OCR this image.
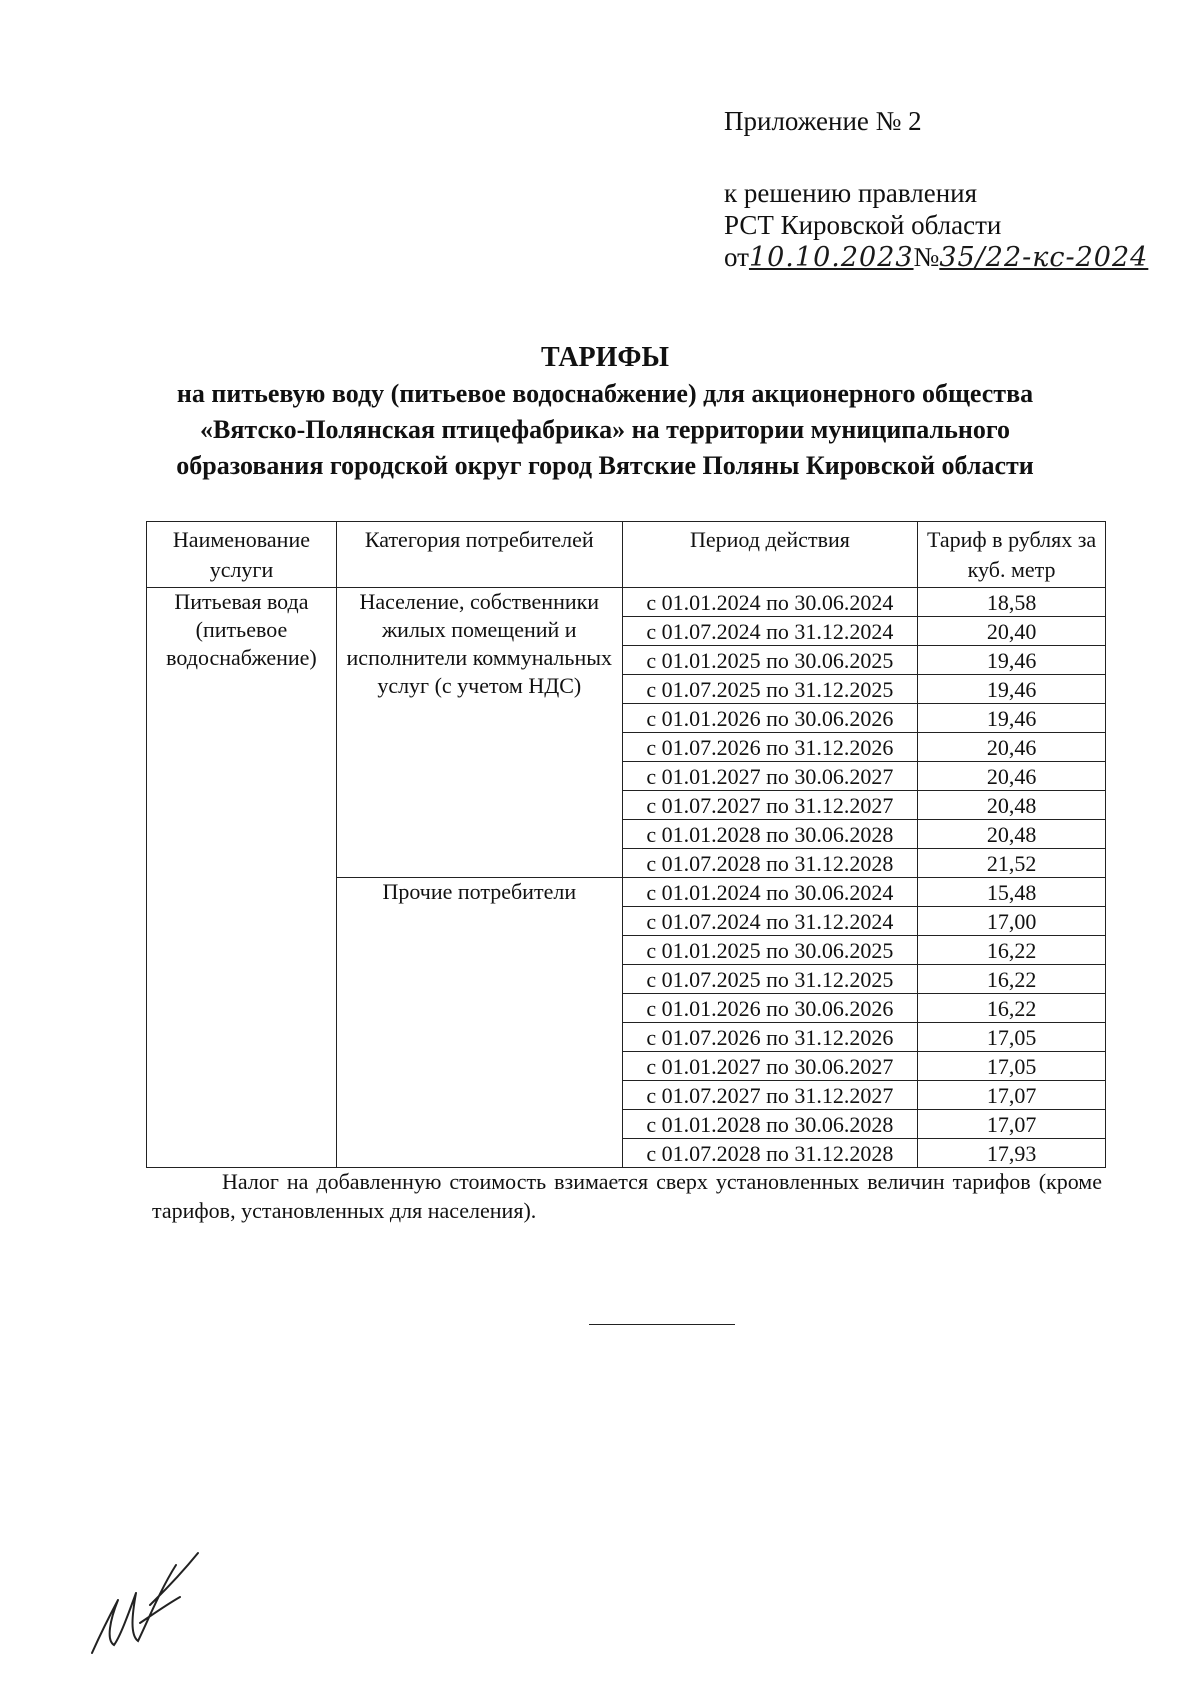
Приложение № 2
к решению правления
РСТ Кировской области
от10.10.2023№35/22-кс-2024
ТАРИФЫ
на питьевую воду (питьевое водоснабжение) для акционерного общества
«Вятско-Полянская птицефабрика» на территории муниципального
образования городской округ город Вятские Поляны Кировской области
Наименование услуги	Категория потребителей	Период действия	Тариф в рублях за куб. метр
Питьевая вода (питьевое водоснабжение)	Население, собственники жилых помещений и исполнители коммунальных услуг (с учетом НДС)	с 01.01.2024 по 30.06.2024	18,58
		с 01.07.2024 по 31.12.2024	20,40
		с 01.01.2025 по 30.06.2025	19,46
		с 01.07.2025 по 31.12.2025	19,46
		с 01.01.2026 по 30.06.2026	19,46
		с 01.07.2026 по 31.12.2026	20,46
		с 01.01.2027 по 30.06.2027	20,46
		с 01.07.2027 по 31.12.2027	20,48
		с 01.01.2028 по 30.06.2028	20,48
		с 01.07.2028 по 31.12.2028	21,52
	Прочие потребители	с 01.01.2024 по 30.06.2024	15,48
		с 01.07.2024 по 31.12.2024	17,00
		с 01.01.2025 по 30.06.2025	16,22
		с 01.07.2025 по 31.12.2025	16,22
		с 01.01.2026 по 30.06.2026	16,22
		с 01.07.2026 по 31.12.2026	17,05
		с 01.01.2027 по 30.06.2027	17,05
		с 01.07.2027 по 31.12.2027	17,07
		с 01.01.2028 по 30.06.2028	17,07
		с 01.07.2028 по 31.12.2028	17,93
Налог на добавленную стоимость взимается сверх установленных величин тарифов (кроме тарифов, установленных для населения).
